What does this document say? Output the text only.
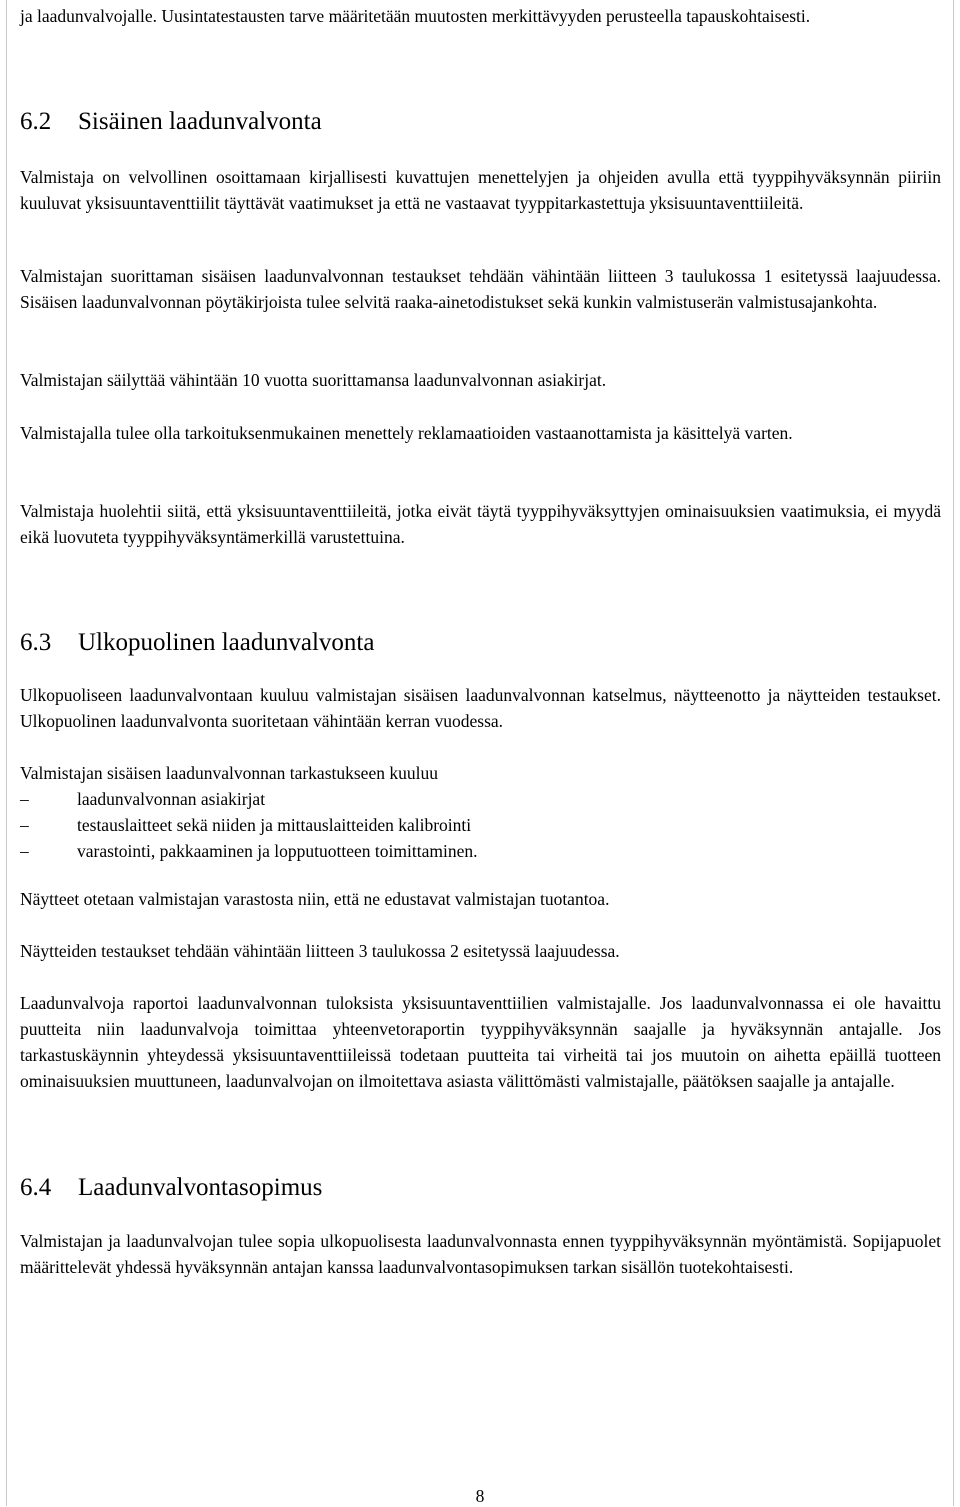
ja laadunvalvojalle. Uusintatestausten tarve määritetään muutosten merkittävyyden perusteella tapauskohtaisesti.

6.2	Sisäinen laadunvalvonta

Valmistaja on velvollinen osoittamaan kirjallisesti kuvattujen menettelyjen ja ohjeiden avulla että tyyppihyväksynnän piiriin kuuluvat yksisuuntaventtiilit täyttävät vaatimukset ja että ne vastaavat tyyppitarkastettuja yksisuuntaventtiileitä.

Valmistajan suorittaman sisäisen laadunvalvonnan testaukset tehdään vähintään liitteen 3 taulukossa 1 esitetyssä laajuudessa. Sisäisen laadunvalvonnan pöytäkirjoista tulee selvitä raaka-ainetodistukset sekä kunkin valmistuserän valmistusajankohta.

Valmistajan säilyttää vähintään 10 vuotta suorittamansa laadunvalvonnan asiakirjat.

Valmistajalla tulee olla tarkoituksenmukainen menettely reklamaatioiden vastaanottamista ja käsittelyä varten.

Valmistaja huolehtii siitä, että yksisuuntaventtiileitä, jotka eivät täytä tyyppihyväksyttyjen ominaisuuksien vaatimuksia, ei myydä eikä luovuteta tyyppihyväksyntämerkillä varustettuina.

6.3	Ulkopuolinen laadunvalvonta

Ulkopuoliseen laadunvalvontaan kuuluu valmistajan sisäisen laadunvalvonnan katselmus, näytteenotto ja näytteiden testaukset. Ulkopuolinen laadunvalvonta suoritetaan vähintään kerran vuodessa.

Valmistajan sisäisen laadunvalvonnan tarkastukseen kuuluu

–	laadunvalvonnan asiakirjat
–	testauslaitteet sekä niiden ja mittauslaitteiden kalibrointi
–	varastointi, pakkaaminen ja lopputuotteen toimittaminen.

Näytteet otetaan valmistajan varastosta niin, että ne edustavat valmistajan tuotantoa.

Näytteiden testaukset tehdään vähintään liitteen 3 taulukossa 2 esitetyssä laajuudessa.

Laadunvalvoja raportoi laadunvalvonnan tuloksista yksisuuntaventtiilien valmistajalle. Jos laadunvalvonnassa ei ole havaittu puutteita niin laadunvalvoja toimittaa yhteenvetoraportin tyyppihyväksynnän saajalle ja hyväksynnän antajalle. Jos tarkastuskäynnin yhteydessä yksisuuntaventtiileissä todetaan puutteita tai virheitä tai jos muutoin on aihetta epäillä tuotteen ominaisuuksien muuttuneen, laadunvalvojan on ilmoitettava asiasta välittömästi valmistajalle, päätöksen saajalle ja antajalle.

6.4	Laadunvalvontasopimus

Valmistajan ja laadunvalvojan tulee sopia ulkopuolisesta laadunvalvonnasta ennen tyyppihyväksynnän myöntämistä. Sopijapuolet määrittelevät yhdessä hyväksynnän antajan kanssa laadunvalvontasopimuksen tarkan sisällön tuotekohtaisesti.

8
